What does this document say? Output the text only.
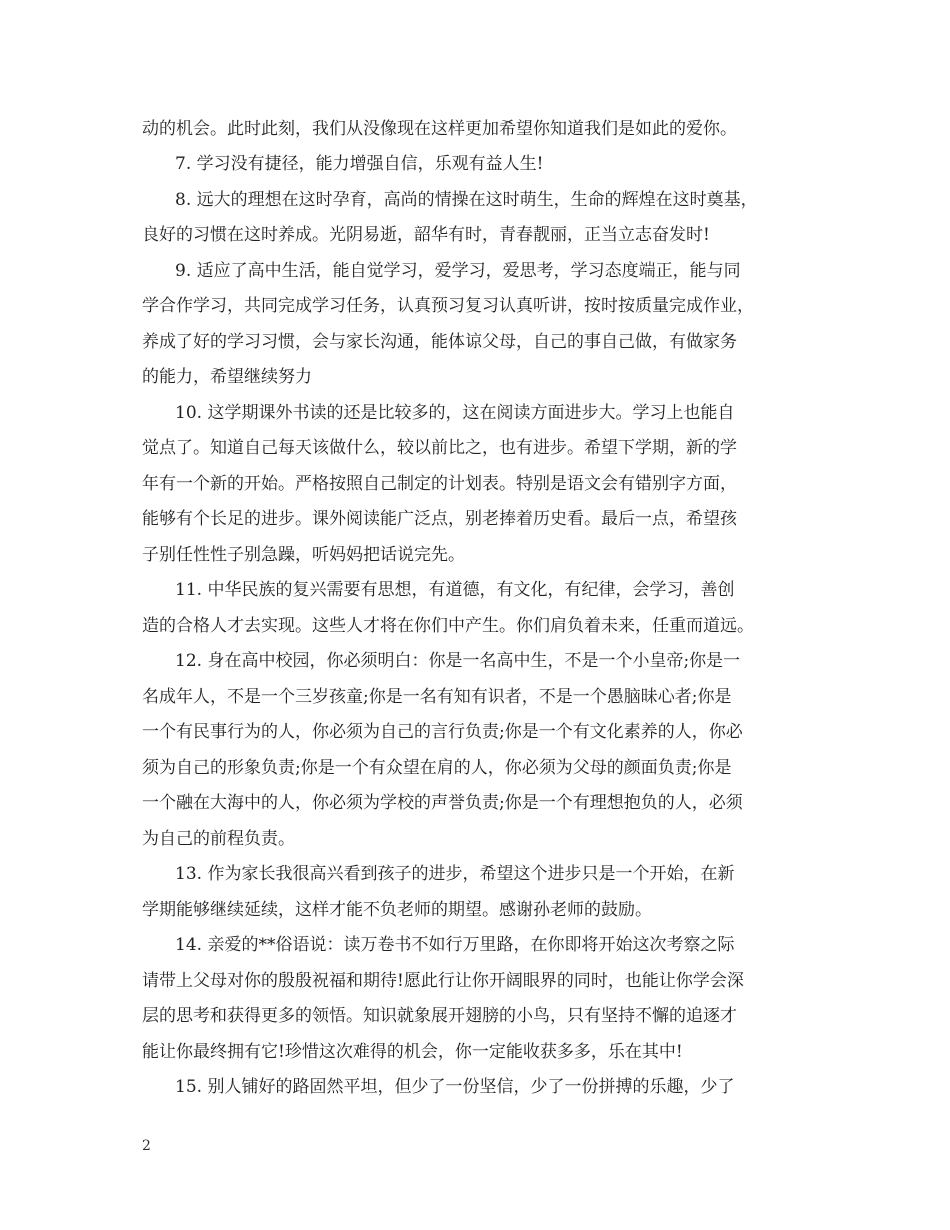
动的机会。此时此刻，我们从没像现在这样更加希望你知道我们是如此的爱你。
7. 学习没有捷径，能力增强自信，乐观有益人生!
8. 远大的理想在这时孕育，高尚的情操在这时萌生，生命的辉煌在这时奠基，
良好的习惯在这时养成。光阴易逝，韶华有时，青春靓丽，正当立志奋发时!
9. 适应了高中生活，能自觉学习，爱学习，爱思考，学习态度端正，能与同
学合作学习，共同完成学习任务，认真预习复习认真听讲，按时按质量完成作业，
养成了好的学习习惯，会与家长沟通，能体谅父母，自己的事自己做，有做家务
的能力，希望继续努力
10. 这学期课外书读的还是比较多的，这在阅读方面进步大。学习上也能自
觉点了。知道自己每天该做什么，较以前比之，也有进步。希望下学期，新的学
年有一个新的开始。严格按照自己制定的计划表。特别是语文会有错别字方面，
能够有个长足的进步。课外阅读能广泛点，别老捧着历史看。最后一点，希望孩
子别任性性子别急躁，听妈妈把话说完先。
11. 中华民族的复兴需要有思想，有道德，有文化，有纪律，会学习，善创
造的合格人才去实现。这些人才将在你们中产生。你们肩负着未来，任重而道远。
12. 身在高中校园，你必须明白：你是一名高中生，不是一个小皇帝;你是一
名成年人，不是一个三岁孩童;你是一名有知有识者，不是一个愚脑昧心者;你是
一个有民事行为的人，你必须为自己的言行负责;你是一个有文化素养的人，你必
须为自己的形象负责;你是一个有众望在肩的人，你必须为父母的颜面负责;你是
一个融在大海中的人，你必须为学校的声誉负责;你是一个有理想抱负的人，必须
为自己的前程负责。
13. 作为家长我很高兴看到孩子的进步，希望这个进步只是一个开始，在新
学期能够继续延续，这样才能不负老师的期望。感谢孙老师的鼓励。
14. 亲爱的**俗语说：读万卷书不如行万里路，在你即将开始这次考察之际
请带上父母对你的殷殷祝福和期待!愿此行让你开阔眼界的同时，也能让你学会深
层的思考和获得更多的领悟。知识就象展开翅膀的小鸟，只有坚持不懈的追逐才
能让你最终拥有它!珍惜这次难得的机会，你一定能收获多多，乐在其中!
15. 别人铺好的路固然平坦，但少了一份坚信，少了一份拼搏的乐趣，少了
2
